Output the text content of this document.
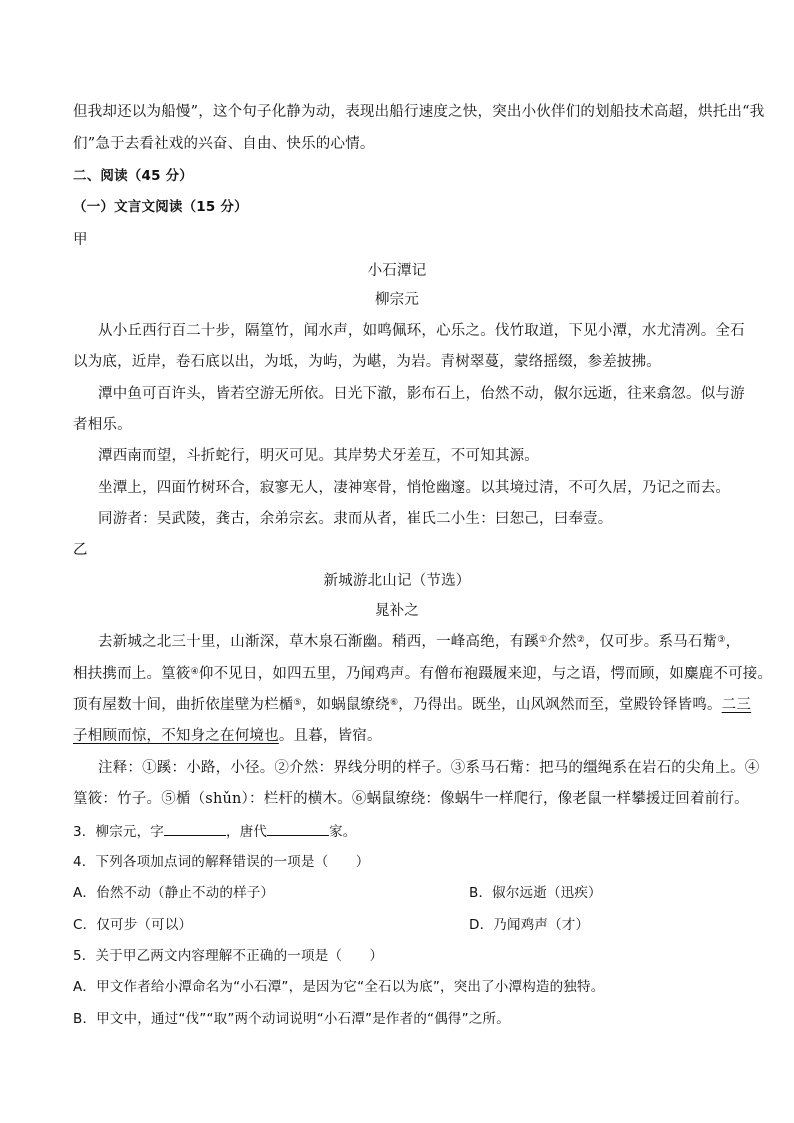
但我却还以为船慢”，这个句子化静为动，表现出船行速度之快，突出小伙伴们的划船技术高超，烘托出“我
们”急于去看社戏的兴奋、自由、快乐的心情。
二、阅读（45 分）
（一）文言文阅读（15 分）
甲
小石潭记
柳宗元
从小丘西行百二十步，隔篁竹，闻水声，如鸣佩环，心乐之。伐竹取道，下见小潭，水尤清冽。全石
以为底，近岸，卷石底以出，为坻，为屿，为嵁，为岩。青树翠蔓，蒙络摇缀，参差披拂。
潭中鱼可百许头，皆若空游无所依。日光下澈，影布石上，佁然不动，俶尔远逝，往来翕忽。似与游
者相乐。
潭西南而望，斗折蛇行，明灭可见。其岸势犬牙差互，不可知其源。
坐潭上，四面竹树环合，寂寥无人，凄神寒骨，悄怆幽邃。以其境过清，不可久居，乃记之而去。
同游者：吴武陵，龚古，余弟宗玄。隶而从者，崔氏二小生：曰恕己，曰奉壹。
乙
新城游北山记（节选）
晁补之
去新城之北三十里，山渐深，草木泉石渐幽。稍西，一峰高绝，有蹊①介然②，仅可步。系马石觜③，
相扶携而上。篁筱④仰不见日，如四五里，乃闻鸡声。有僧布袍蹑履来迎，与之语，愕而顾，如麋鹿不可接。
顶有屋数十间，曲折依崖壁为栏楯⑤，如蜗鼠缭绕⑥，乃得出。既坐，山风飒然而至，堂殿铃铎皆鸣。二三
子相顾而惊，不知身之在何境也。且暮，皆宿。
注释：①蹊：小路，小径。②介然：界线分明的样子。③系马石觜：把马的缰绳系在岩石的尖角上。④
篁筱：竹子。⑤楯（shǔn）：栏杆的横木。⑥蜗鼠缭绕：像蜗牛一样爬行，像老鼠一样攀援迂回着前行。
3．柳宗元，字	，唐代	家。
4．下列各项加点词的解释错误的一项是（　　）
A．佁然不动（静止不动的样子）	B．俶尔远逝（迅疾）
C．仅可步（可以）	D．乃闻鸡声（才）
5．关于甲乙两文内容理解不正确的一项是（　　）
A．甲文作者给小潭命名为“小石潭”，是因为它“全石以为底”，突出了小潭构造的独特。
B．甲文中，通过“伐”“取”两个动词说明“小石潭”是作者的“偶得”之所。
